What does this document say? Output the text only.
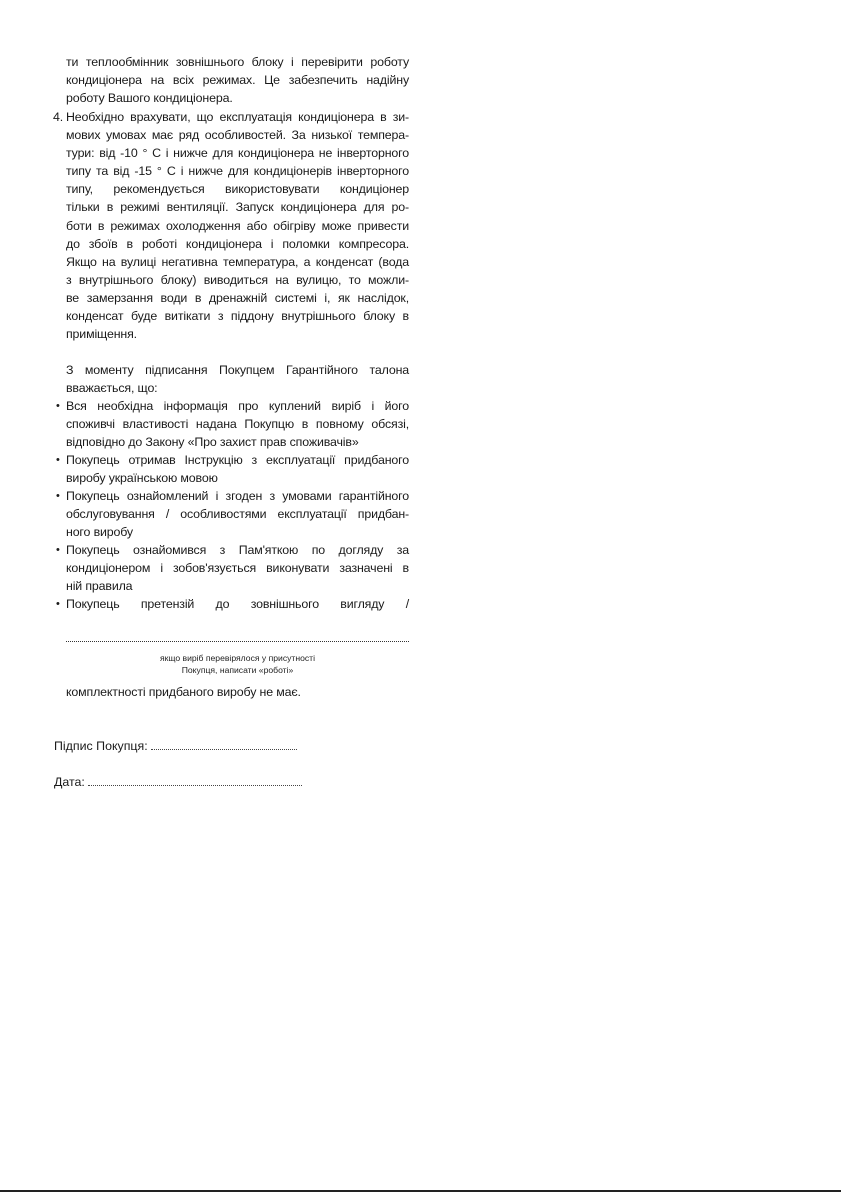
ти теплообмінник зовнішнього блоку і перевірити роботу
кондиціонера на всіх режимах. Це забезпечить надійну
роботу Вашого кондиціонера.
4. Необхідно врахувати, що експлуатація кондиціонера в зи-
мових умовах має ряд особливостей. За низької темпера-
тури: від -10 ° С і нижче для кондиціонера не інверторного
типу та від -15 ° С і нижче для кондиціонерів інверторного
типу, рекомендується використовувати кондиціонер
тільки в режимі вентиляції. Запуск кондиціонера для ро-
боти в режимах охолодження або обігріву може привести
до збоїв в роботі кондиціонера і поломки компресора.
Якщо на вулиці негативна температура, а конденсат (вода
з внутрішнього блоку) виводиться на вулицю, то можли-
ве замерзання води в дренажній системі і, як наслідок,
конденсат буде витікати з піддону внутрішнього блоку в
приміщення.
З моменту підписання Покупцем Гарантійного талона
вважається, що:
• Вся необхідна інформація про куплений виріб і його
споживчі властивості надана Покупцю в повному обсязі,
відповідно до Закону «Про захист прав споживачів»
• Покупець отримав Інструкцію з експлуатації придбаного
виробу українською мовою
• Покупець ознайомлений і згоден з умовами гарантійного
обслуговування / особливостями експлуатації придбан-
ного виробу
• Покупець ознайомився з Пам'яткою по догляду за
кондиціонером і зобов'язується виконувати зазначені в
ній правила
• Покупець претензій до зовнішнього вигляду /
якщо виріб перевірялося у присутності
Покупця, написати «роботі»
комплектності придбаного виробу не має.
Підпис Покупця:
Дата:
